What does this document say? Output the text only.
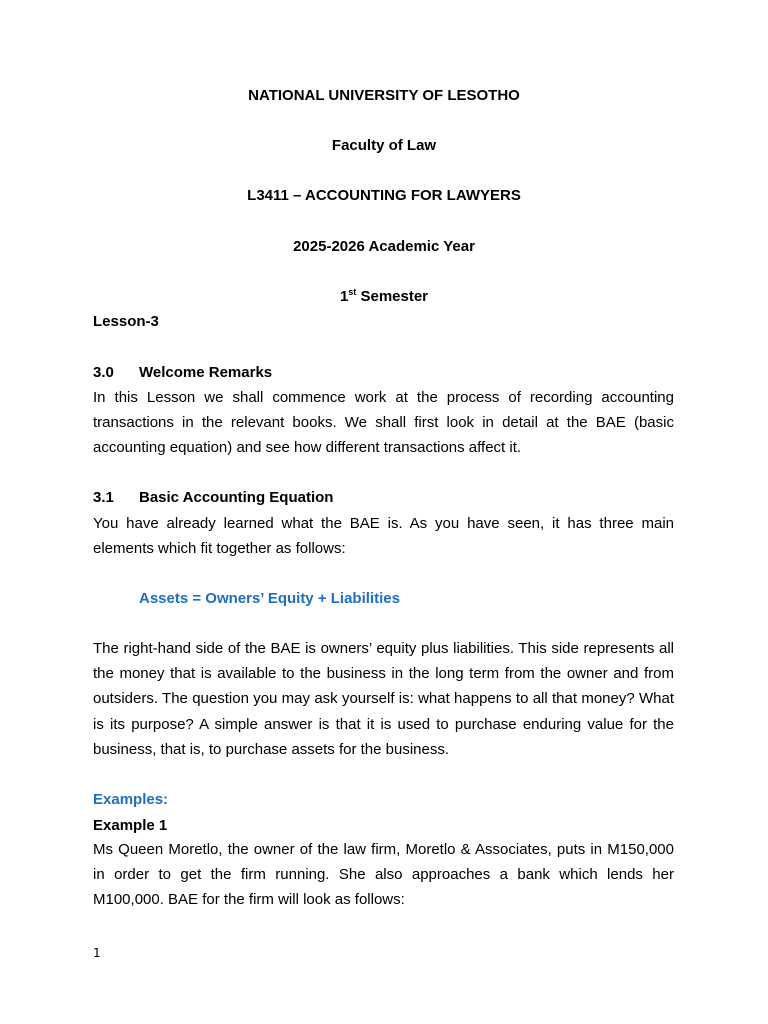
NATIONAL UNIVERSITY OF LESOTHO
Faculty of Law
L3411 – ACCOUNTING FOR LAWYERS
2025-2026 Academic Year
1st Semester
Lesson-3
3.0 Welcome Remarks

In this Lesson we shall commence work at the process of recording accounting transactions in the relevant books. We shall first look in detail at the BAE (basic accounting equation) and see how different transactions affect it.

3.1 Basic Accounting Equation

You have already learned what the BAE is. As you have seen, it has three main elements which fit together as follows:

Assets = Owners’ Equity + Liabilities

The right-hand side of the BAE is owners’ equity plus liabilities. This side represents all the money that is available to the business in the long term from the owner and from outsiders. The question you may ask yourself is: what happens to all that money? What is its purpose? A simple answer is that it is used to purchase enduring value for the business, that is, to purchase assets for the business.

Examples:
Example 1

Ms Queen Moretlo, the owner of the law firm, Moretlo & Associates, puts in M150,000 in order to get the firm running. She also approaches a bank which lends her M100,000. BAE for the firm will look as follows:

1
